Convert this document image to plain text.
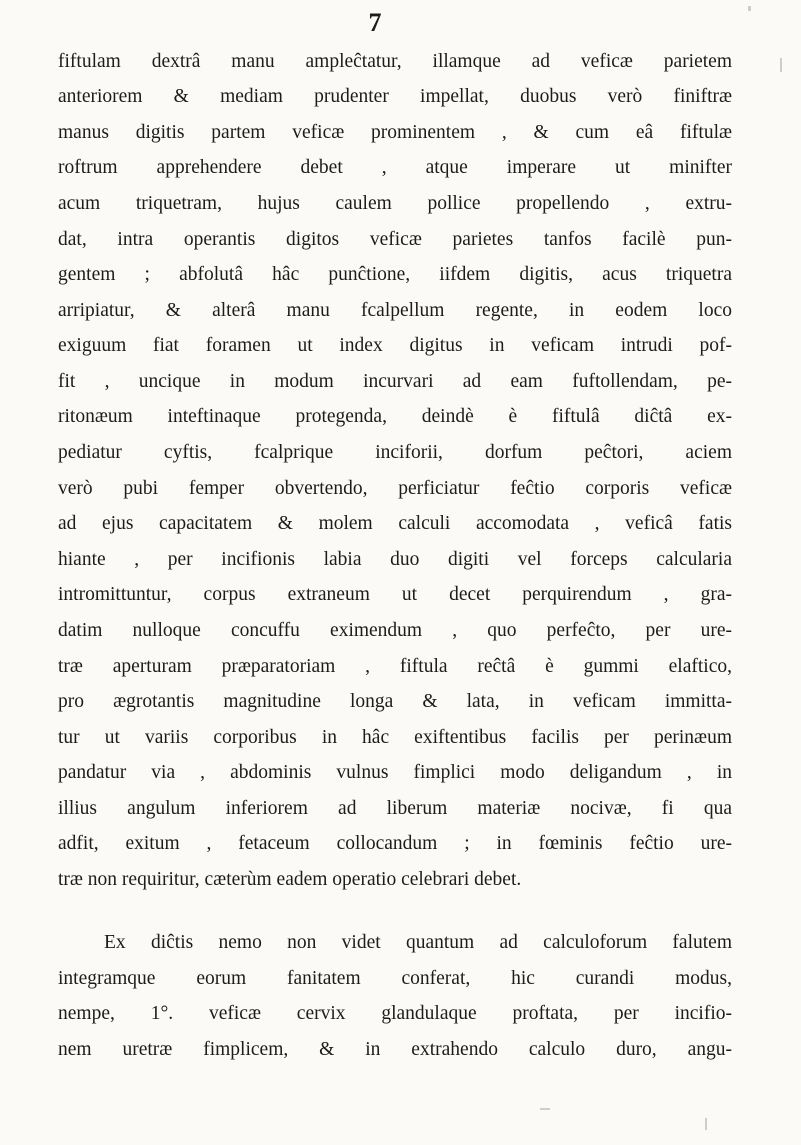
7

fiftulam dextrâ manu ampleĉtatur, illamque ad veficæ parietem

anteriorem & mediam prudenter impellat, duobus verò finiftræ

manus digitis partem veficæ prominentem , & cum eâ fiftulæ

roftrum apprehendere debet , atque imperare ut minifter

acum triquetram, hujus caulem pollice propellendo , extru-

dat, intra operantis digitos veficæ parietes tanfos facilè pun-

gentem ; abfolutâ hâc punĉtione, iifdem digitis, acus triquetra

arripiatur, & alterâ manu fcalpellum regente, in eodem loco

exiguum fiat foramen ut index digitus in veficam intrudi pof-

fit , uncique in modum incurvari ad eam fuftollendam, pe-

ritonæum inteftinaque protegenda, deindè è fiftulâ diĉtâ ex-

pediatur cyftis, fcalprique inciforii, dorfum peĉtori, aciem

verò pubi femper obvertendo, perficiatur feĉtio corporis veficæ

ad ejus capacitatem & molem calculi accomodata , veficâ fatis

hiante , per incifionis labia duo digiti vel forceps calcularia

intromittuntur, corpus extraneum ut decet perquirendum , gra-

datim nulloque concuffu eximendum , quo perfeĉto, per ure-

træ aperturam præparatoriam , fiftula reĉtâ è gummi elaftico,

pro ægrotantis magnitudine longa & lata, in veficam immitta-

tur ut variis corporibus in hâc exiftentibus facilis per perinæum

pandatur via , abdominis vulnus fimplici modo deligandum , in

illius angulum inferiorem ad liberum materiæ nocivæ, fi qua

adfit, exitum , fetaceum collocandum ; in fœminis feĉtio ure-

træ non requiritur, cæterùm eadem operatio celebrari debet.

Ex diĉtis nemo non videt quantum ad calculoforum falutem

integramque eorum fanitatem conferat, hic curandi modus,

nempe, 1°. veficæ cervix glandulaque proftata, per incifio-

nem uretræ fimplicem, & in extrahendo calculo duro, angu-
